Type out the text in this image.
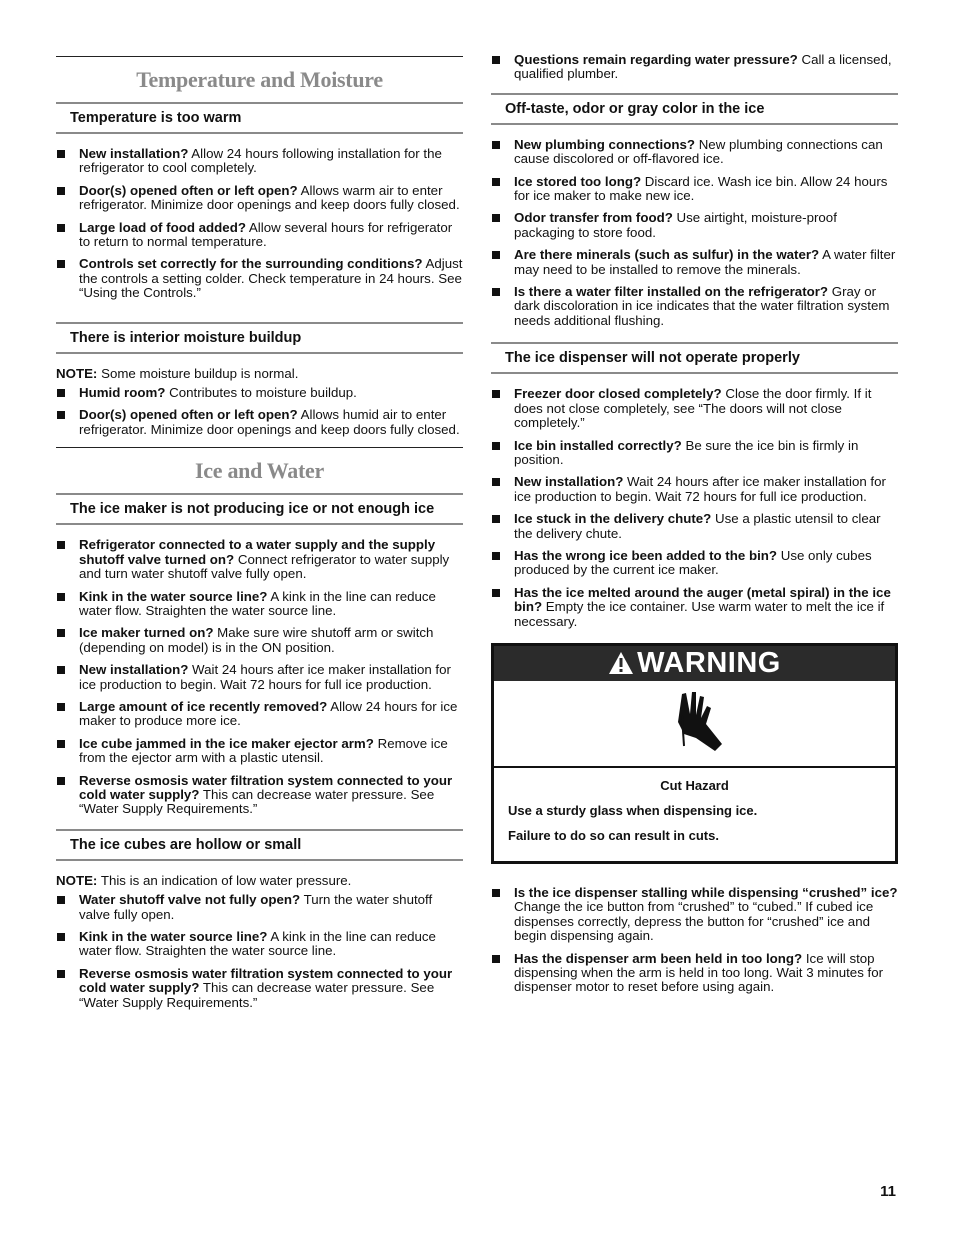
Temperature and Moisture
Temperature is too warm
New installation? Allow 24 hours following installation for the refrigerator to cool completely.
Door(s) opened often or left open? Allows warm air to enter refrigerator. Minimize door openings and keep doors fully closed.
Large load of food added? Allow several hours for refrigerator to return to normal temperature.
Controls set correctly for the surrounding conditions? Adjust the controls a setting colder. Check temperature in 24 hours. See “Using the Controls.”
There is interior moisture buildup

NOTE: Some moisture buildup is normal.

Humid room? Contributes to moisture buildup.
Door(s) opened often or left open? Allows humid air to enter refrigerator. Minimize door openings and keep doors fully closed.
Ice and Water
The ice maker is not producing ice or not enough ice
Refrigerator connected to a water supply and the supply shutoff valve turned on? Connect refrigerator to water supply and turn water shutoff valve fully open.
Kink in the water source line? A kink in the line can reduce water flow. Straighten the water source line.
Ice maker turned on? Make sure wire shutoff arm or switch (depending on model) is in the ON position.
New installation? Wait 24 hours after ice maker installation for ice production to begin. Wait 72 hours for full ice production.
Large amount of ice recently removed? Allow 24 hours for ice maker to produce more ice.
Ice cube jammed in the ice maker ejector arm? Remove ice from the ejector arm with a plastic utensil.
Reverse osmosis water filtration system connected to your cold water supply? This can decrease water pressure. See “Water Supply Requirements.”
The ice cubes are hollow or small

NOTE: This is an indication of low water pressure.

Water shutoff valve not fully open? Turn the water shutoff valve fully open.
Kink in the water source line? A kink in the line can reduce water flow. Straighten the water source line.
Reverse osmosis water filtration system connected to your cold water supply? This can decrease water pressure. See “Water Supply Requirements.”
Questions remain regarding water pressure? Call a licensed, qualified plumber.
Off-taste, odor or gray color in the ice
New plumbing connections? New plumbing connections can cause discolored or off-flavored ice.
Ice stored too long? Discard ice. Wash ice bin. Allow 24 hours for ice maker to make new ice.
Odor transfer from food? Use airtight, moisture-proof packaging to store food.
Are there minerals (such as sulfur) in the water? A water filter may need to be installed to remove the minerals.
Is there a water filter installed on the refrigerator? Gray or dark discoloration in ice indicates that the water filtration system needs additional flushing.
The ice dispenser will not operate properly
Freezer door closed completely? Close the door firmly. If it does not close completely, see “The doors will not close completely.”
Ice bin installed correctly? Be sure the ice bin is firmly in position.
New installation? Wait 24 hours after ice maker installation for ice production to begin. Wait 72 hours for full ice production.
Ice stuck in the delivery chute? Use a plastic utensil to clear the delivery chute.
Has the wrong ice been added to the bin? Use only cubes produced by the current ice maker.
Has the ice melted around the auger (metal spiral) in the ice bin? Empty the ice container. Use warm water to melt the ice if necessary.
WARNING

Cut Hazard

Use a sturdy glass when dispensing ice.

Failure to do so can result in cuts.

Is the ice dispenser stalling while dispensing “crushed” ice? Change the ice button from “crushed” to “cubed.” If cubed ice dispenses correctly, depress the button for “crushed” ice and begin dispensing again.
Has the dispenser arm been held in too long? Ice will stop dispensing when the arm is held in too long. Wait 3 minutes for dispenser motor to reset before using again.
11
